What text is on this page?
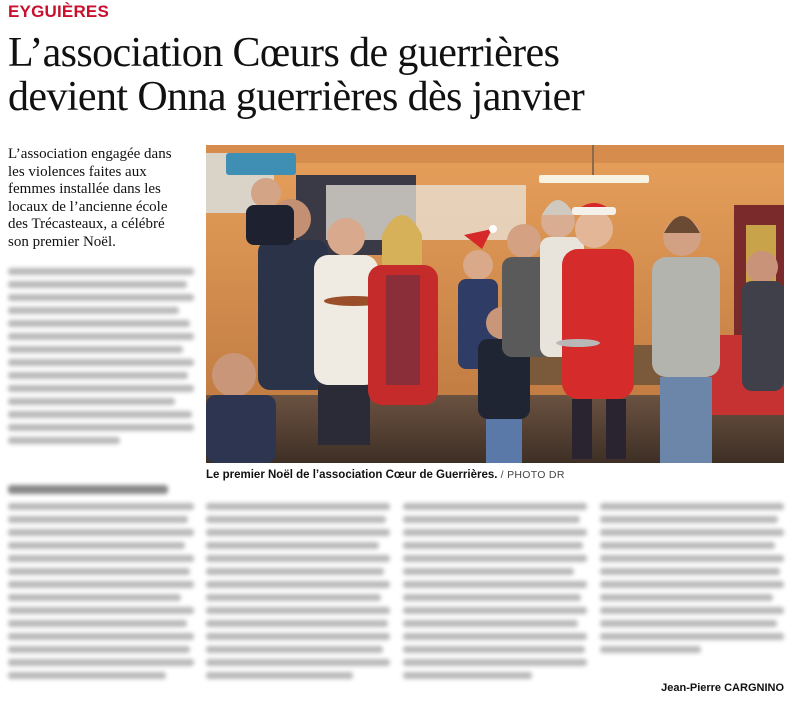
EYGUIÈRES
L’association Cœurs de guerrières
devient Onna guerrières dès janvier

L’association engagée dans
les violences faites aux
femmes installée dans les
locaux de l’ancienne école
des Trécasteaux, a célébré
son premier Noël.

Le premier Noël de l’association Cœur de Guerrières. / PHOTO DR
Jean-Pierre CARGNINO
